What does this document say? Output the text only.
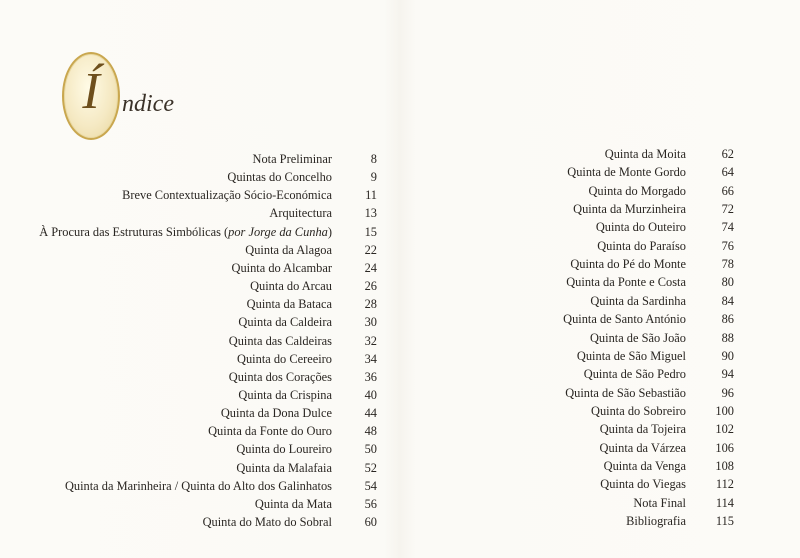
Í ndice
Nota Preliminar	8
Quintas do Concelho	9
Breve Contextualização Sócio-Económica	11
Arquitectura	13
À Procura das Estruturas Simbólicas (por Jorge da Cunha)	15
Quinta da Alagoa	22
Quinta do Alcambar	24
Quinta do Arcau	26
Quinta da Bataca	28
Quinta da Caldeira	30
Quinta das Caldeiras	32
Quinta do Cereeiro	34
Quinta dos Corações	36
Quinta da Crispina	40
Quinta da Dona Dulce	44
Quinta da Fonte do Ouro	48
Quinta do Loureiro	50
Quinta da Malafaia	52
Quinta da Marinheira / Quinta do Alto dos Galinhatos	54
Quinta da Mata	56
Quinta do Mato do Sobral	60
Quinta da Moita	62
Quinta de Monte Gordo	64
Quinta do Morgado	66
Quinta da Murzinheira	72
Quinta do Outeiro	74
Quinta do Paraíso	76
Quinta do Pé do Monte	78
Quinta da Ponte e Costa	80
Quinta da Sardinha	84
Quinta de Santo António	86
Quinta de São João	88
Quinta de São Miguel	90
Quinta de São Pedro	94
Quinta de São Sebastião	96
Quinta do Sobreiro 100
Quinta da Tojeira 102
Quinta da Várzea 106
Quinta da Venga 108
Quinta do Viegas 112
Nota Final 114
Bibliografia 115
